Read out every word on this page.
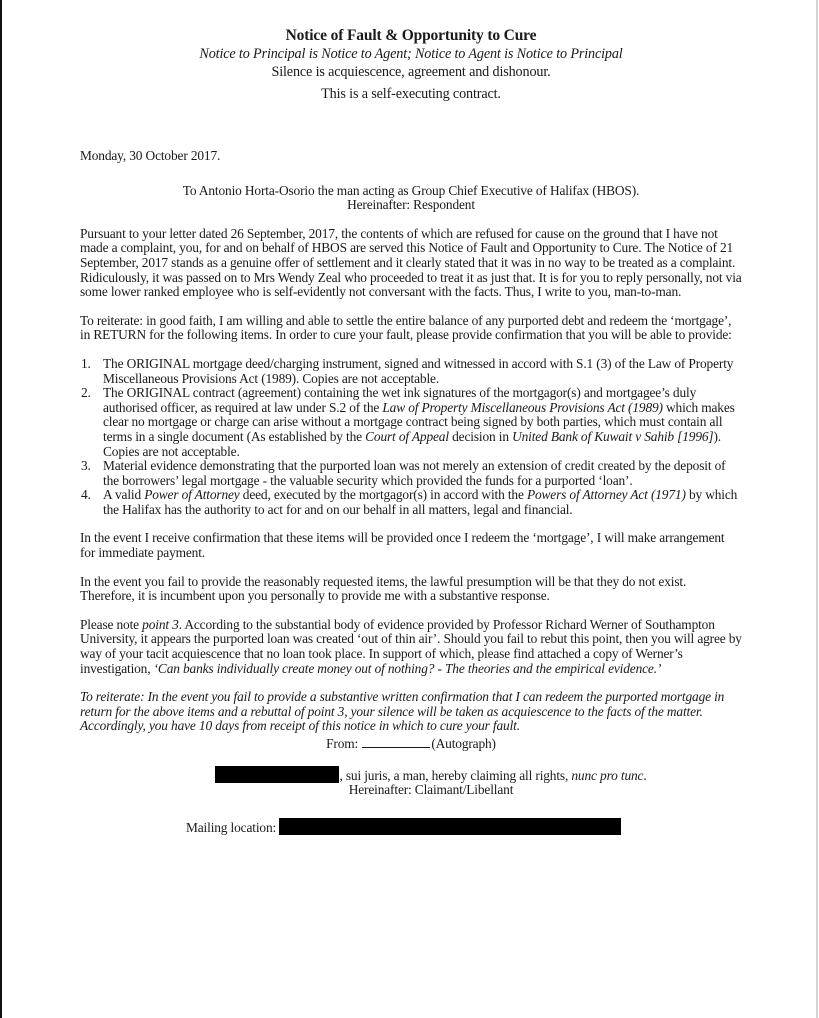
Notice of Fault & Opportunity to Cure
Notice to Principal is Notice to Agent; Notice to Agent is Notice to Principal
Silence is acquiescence, agreement and dishonour.
This is a self-executing contract.

Monday, 30 October 2017.

To Antonio Horta-Osorio the man acting as Group Chief Executive of Halifax (HBOS).
Hereinafter: Respondent

Pursuant to your letter dated 26 September, 2017, the contents of which are refused for cause on the ground that I have not made a complaint, you, for and on behalf of HBOS are served this Notice of Fault and Opportunity to Cure. The Notice of 21 September, 2017 stands as a genuine offer of settlement and it clearly stated that it was in no way to be treated as a complaint. Ridiculously, it was passed on to Mrs Wendy Zeal who proceeded to treat it as just that. It is for you to reply personally, not via some lower ranked employee who is self-evidently not conversant with the facts. Thus, I write to you, man-to-man.

To reiterate: in good faith, I am willing and able to settle the entire balance of any purported debt and redeem the ‘mortgage’, in RETURN for the following items. In order to cure your fault, please provide confirmation that you will be able to provide:

1. The ORIGINAL mortgage deed/charging instrument, signed and witnessed in accord with S.1 (3) of the Law of Property Miscellaneous Provisions Act (1989). Copies are not acceptable.
2. The ORIGINAL contract (agreement) containing the wet ink signatures of the mortgagor(s) and mortgagee’s duly authorised officer, as required at law under S.2 of the Law of Property Miscellaneous Provisions Act (1989) which makes clear no mortgage or charge can arise without a mortgage contract being signed by both parties, which must contain all terms in a single document (As established by the Court of Appeal decision in United Bank of Kuwait v Sahib [1996]). Copies are not acceptable.
3. Material evidence demonstrating that the purported loan was not merely an extension of credit created by the deposit of the borrowers’ legal mortgage - the valuable security which provided the funds for a purported ‘loan’.
4. A valid Power of Attorney deed, executed by the mortgagor(s) in accord with the Powers of Attorney Act (1971) by which the Halifax has the authority to act for and on our behalf in all matters, legal and financial.

In the event I receive confirmation that these items will be provided once I redeem the ‘mortgage’, I will make arrangement for immediate payment.

In the event you fail to provide the reasonably requested items, the lawful presumption will be that they do not exist. Therefore, it is incumbent upon you personally to provide me with a substantive response.

Please note point 3. According to the substantial body of evidence provided by Professor Richard Werner of Southampton University, it appears the purported loan was created ‘out of thin air’. Should you fail to rebut this point, then you will agree by way of your tacit acquiescence that no loan took place. In support of which, please find attached a copy of Werner’s investigation, ‘Can banks individually create money out of nothing? - The theories and the empirical evidence.’

To reiterate: In the event you fail to provide a substantive written confirmation that I can redeem the purported mortgage in return for the above items and a rebuttal of point 3, your silence will be taken as acquiescence to the facts of the matter. Accordingly, you have 10 days from receipt of this notice in which to cure your fault.

From:	(Autograph)
, sui juris, a man, hereby claiming all rights, nunc pro tunc.
Hereinafter: Claimant/Libellant
Mailing location:
